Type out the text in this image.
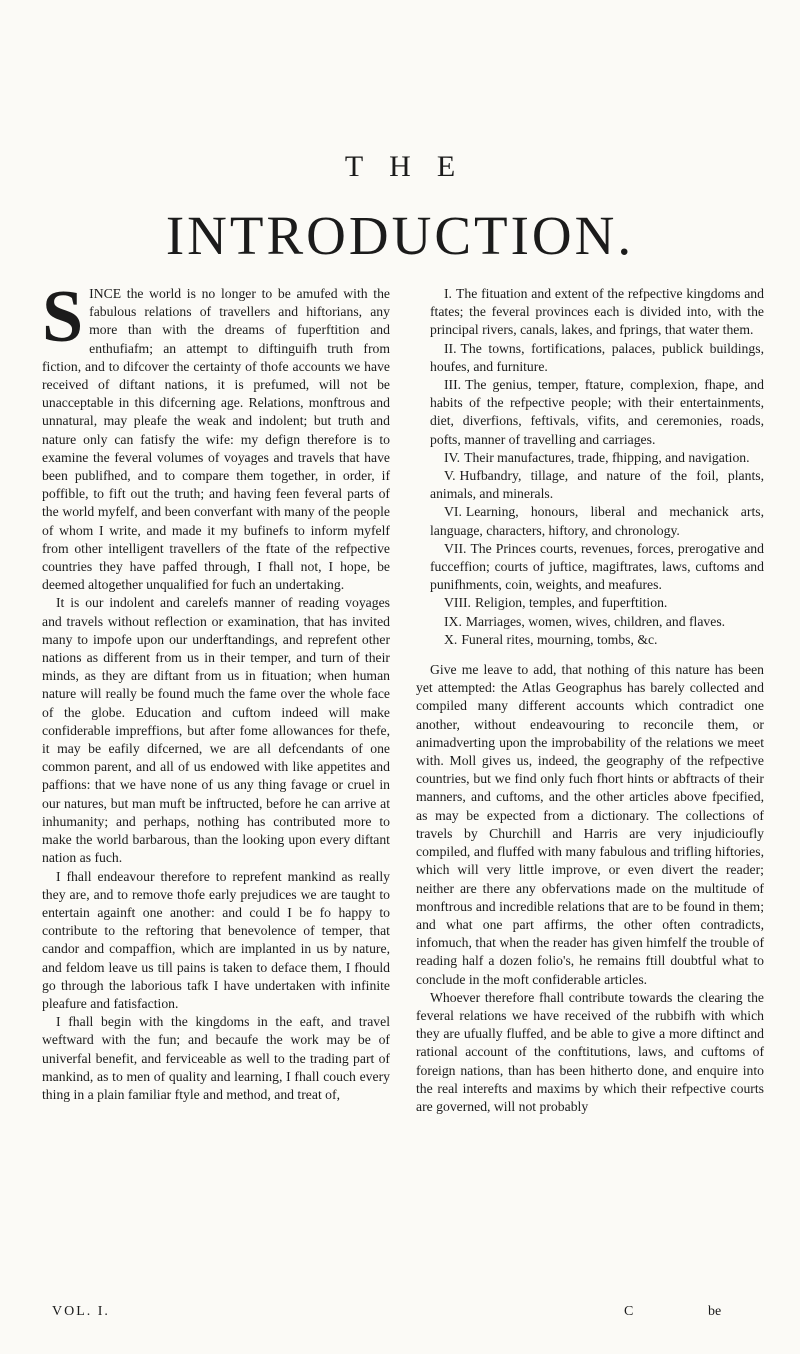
THE
INTRODUCTION.

SINCE the world is no longer to be amufed with the fabulous relations of travellers and hiftorians, any more than with the dreams of fuperftition and enthufiafm; an attempt to diftinguifh truth from fiction, and to difcover the certainty of thofe accounts we have received of diftant nations, it is prefumed, will not be unacceptable in this difcerning age. Relations, monftrous and unnatural, may pleafe the weak and indolent; but truth and nature only can fatisfy the wife: my defign therefore is to examine the feveral volumes of voyages and travels that have been publifhed, and to compare them together, in order, if poffible, to fift out the truth; and having feen feveral parts of the world myfelf, and been converfant with many of the people of whom I write, and made it my bufinefs to inform myfelf from other intelligent travellers of the ftate of the refpective countries they have paffed through, I fhall not, I hope, be deemed altogether unqualified for fuch an undertaking.

It is our indolent and carelefs manner of reading voyages and travels without reflection or examination, that has invited many to impofe upon our underftandings, and reprefent other nations as different from us in their temper, and turn of their minds, as they are diftant from us in fituation; when human nature will really be found much the fame over the whole face of the globe. Education and cuftom indeed will make confiderable impreffions, but after fome allowances for thefe, it may be eafily difcerned, we are all defcendants of one common parent, and all of us endowed with like appetites and paffions: that we have none of us any thing favage or cruel in our natures, but man muft be inftructed, before he can arrive at inhumanity; and perhaps, nothing has contributed more to make the world barbarous, than the looking upon every diftant nation as fuch.

I fhall endeavour therefore to reprefent mankind as really they are, and to remove thofe early prejudices we are taught to entertain againft one another: and could I be fo happy to contribute to the reftoring that benevolence of temper, that candor and compaffion, which are implanted in us by nature, and feldom leave us till pains is taken to deface them, I fhould go through the laborious tafk I have undertaken with infinite pleafure and fatisfaction.

I fhall begin with the kingdoms in the eaft, and travel weftward with the fun; and becaufe the work may be of univerfal benefit, and ferviceable as well to the trading part of mankind, as to men of quality and learning, I fhall couch every thing in a plain familiar ftyle and method, and treat of,

I. The fituation and extent of the refpective kingdoms and ftates; the feveral provinces each is divided into, with the principal rivers, canals, lakes, and fprings, that water them.

II. The towns, fortifications, palaces, publick buildings, houfes, and furniture.

III. The genius, temper, ftature, complexion, fhape, and habits of the refpective people; with their entertainments, diet, diverfions, feftivals, vifits, and ceremonies, roads, pofts, manner of travelling and carriages.

IV. Their manufactures, trade, fhipping, and navigation.

V. Hufbandry, tillage, and nature of the foil, plants, animals, and minerals.

VI. Learning, honours, liberal and mechanick arts, language, characters, hiftory, and chronology.

VII. The Princes courts, revenues, forces, prerogative and fucceffion; courts of juftice, magiftrates, laws, cuftoms and punifhments, coin, weights, and meafures.

VIII. Religion, temples, and fuperftition.

IX. Marriages, women, wives, children, and flaves.

X. Funeral rites, mourning, tombs, &c.

Give me leave to add, that nothing of this nature has been yet attempted: the Atlas Geographus has barely collected and compiled many different accounts which contradict one another, without endeavouring to reconcile them, or animadverting upon the improbability of the relations we meet with. Moll gives us, indeed, the geography of the refpective countries, but we find only fuch fhort hints or abftracts of their manners, and cuftoms, and the other articles above fpecified, as may be expected from a dictionary. The collections of travels by Churchill and Harris are very injudicioufly compiled, and fluffed with many fabulous and trifling hiftories, which will very little improve, or even divert the reader; neither are there any obfervations made on the multitude of monftrous and incredible relations that are to be found in them; and what one part affirms, the other often contradicts, infomuch, that when the reader has given himfelf the trouble of reading half a dozen folio's, he remains ftill doubtful what to conclude in the moft confiderable articles.

Whoever therefore fhall contribute towards the clearing the feveral relations we have received of the rubbifh with which they are ufually fluffed, and be able to give a more diftinct and rational account of the conftitutions, laws, and cuftoms of foreign nations, than has been hitherto done, and enquire into the real interefts and maxims by which their refpective courts are governed, will not probably

VOL. I.	C	be
